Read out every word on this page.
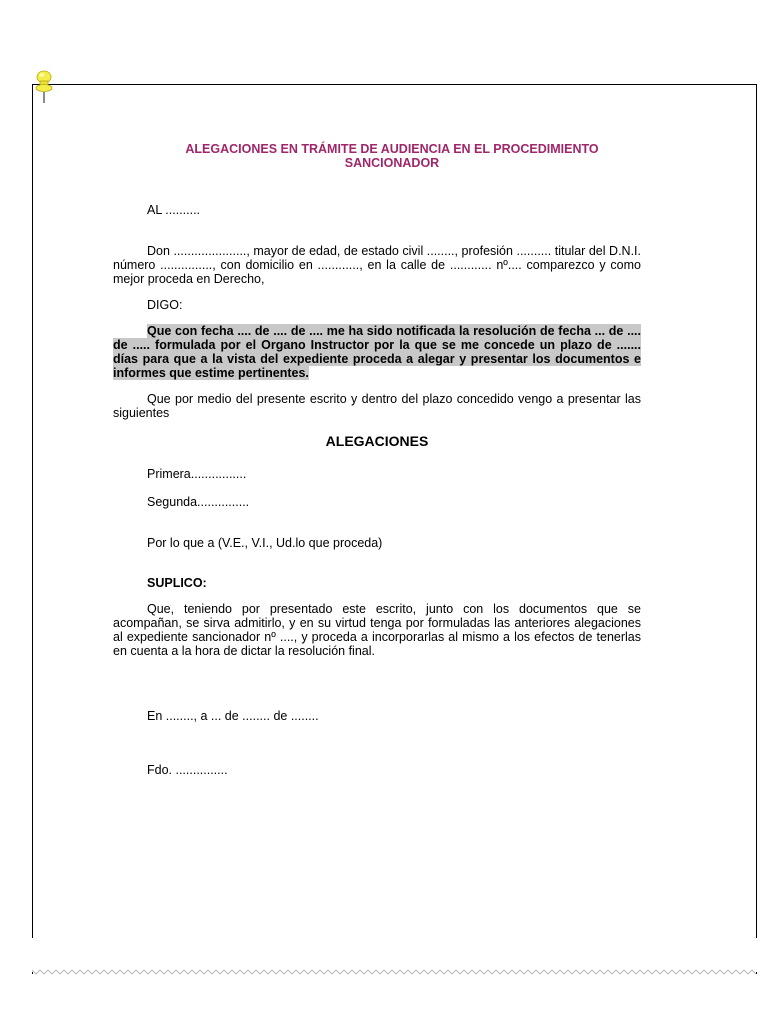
ALEGACIONES EN TRÁMITE DE AUDIENCIA EN EL PROCEDIMIENTO SANCIONADOR

AL ..........

Don ....................., mayor de edad, de estado civil ........, profesión .......... titular del D.N.I. número ..............., con domicilio en ............, en la calle de ............ nº.... comparezco y como mejor proceda en Derecho,

DIGO:

Que con fecha .... de .... de .... me ha sido notificada la resolución de fecha ... de .... de ..... formulada por el Organo Instructor por la que se me concede un plazo de ....... días para que a la vista del expediente proceda a alegar y presentar los documentos e informes que estime pertinentes.

Que por medio del presente escrito y dentro del plazo concedido vengo a presentar las siguientes

ALEGACIONES

Primera................

Segunda...............

Por lo que a (V.E., V.I., Ud.lo que proceda)

SUPLICO:

Que, teniendo por presentado este escrito, junto con los documentos que se acompañan, se sirva admitirlo, y en su virtud tenga por formuladas las anteriores alegaciones al expediente sancionador nº ...., y proceda a incorporarlas al mismo a los efectos de tenerlas en cuenta a la hora de dictar la resolución final.

En ........, a ... de ........ de ........

Fdo. ...............
